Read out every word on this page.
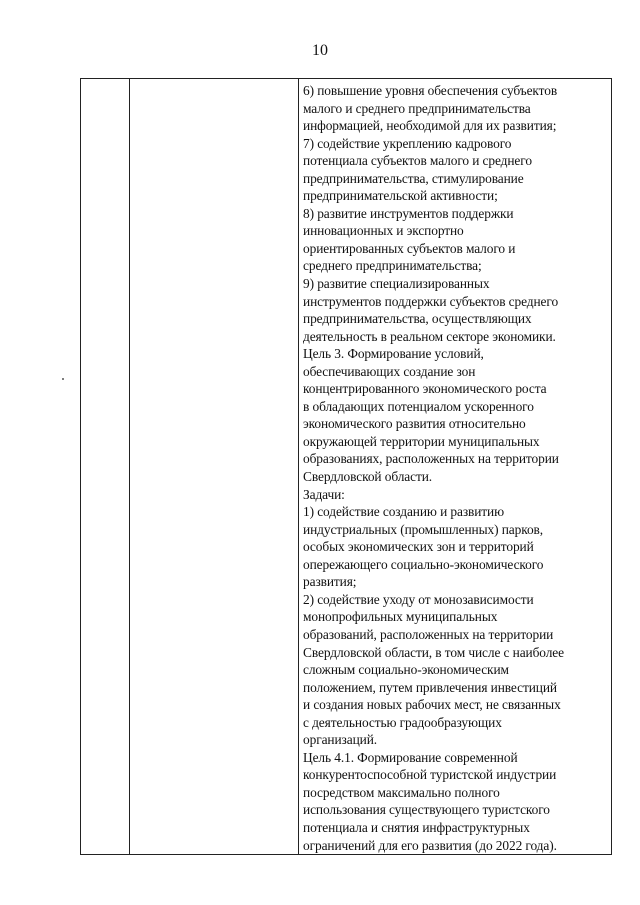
10

6) повышение уровня обеспечения субъектов
малого и среднего предпринимательства
информацией, необходимой для их развития;
7) содействие укреплению кадрового
потенциала субъектов малого и среднего
предпринимательства, стимулирование
предпринимательской активности;
8) развитие инструментов поддержки
инновационных и экспортно
ориентированных субъектов малого и
среднего предпринимательства;
9) развитие специализированных
инструментов поддержки субъектов среднего
предпринимательства, осуществляющих
деятельность в реальном секторе экономики.
Цель 3. Формирование условий,
обеспечивающих создание зон
концентрированного экономического роста
в обладающих потенциалом ускоренного
экономического развития относительно
окружающей территории муниципальных
образованиях, расположенных на территории
Свердловской области.
Задачи:
1) содействие созданию и развитию
индустриальных (промышленных) парков,
особых экономических зон и территорий
опережающего социально-экономического
развития;
2) содействие уходу от монозависимости
монопрофильных муниципальных
образований, расположенных на территории
Свердловской области, в том числе с наиболее
сложным социально-экономическим
положением, путем привлечения инвестиций
и создания новых рабочих мест, не связанных
с деятельностью градообразующих
организаций.
Цель 4.1. Формирование современной
конкурентоспособной туристской индустрии
посредством максимально полного
использования существующего туристского
потенциала и снятия инфраструктурных
ограничений для его развития (до 2022 года).
